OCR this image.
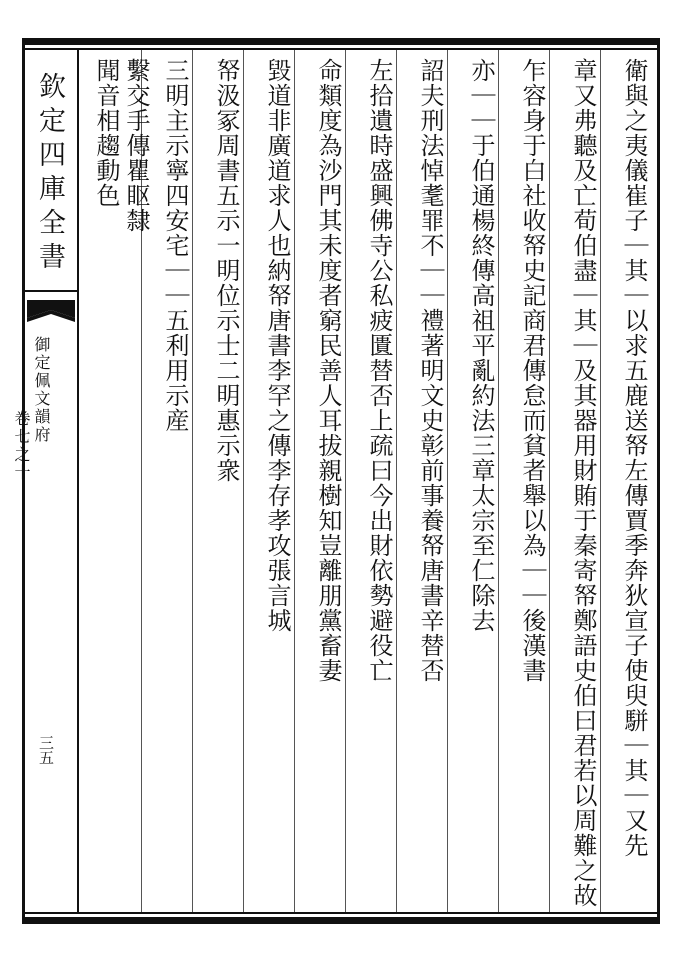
欽定四庫全書
御定佩文韻府
卷七之十
三五	衛與之夷儀崔子｜其｜以求五鹿送帑左傳賈季奔狄宣子使臾駢｜其｜又先
章又弗聽及亡荀伯盡｜其｜及其器用財賄于秦寄帑鄭語史伯曰君若以周難之故
乍容身于白社收帑史記商君傳怠而貧者舉以為｜｜後漢書
亦｜｜于伯通楊終傳高祖平亂約法三章太宗至仁除去
詔夫刑法悼耄罪不｜｜禮著明文史彰前事養帑唐書辛替否
左拾遺時盛興佛寺公私疲匱替否上疏曰今出財依勢避役亡
命類度為沙門其未度者窮民善人耳拔親樹知豈離朋黨畜妻
毀道非廣道求人也納帑唐書李罕之傳李存孝攻張言城
帑汲冢周書五示一明位示士二明惠示衆
三明主示寧四安宅｜｜五利用示産
繫交手傳瞿眍隸
聞音相趨動色
